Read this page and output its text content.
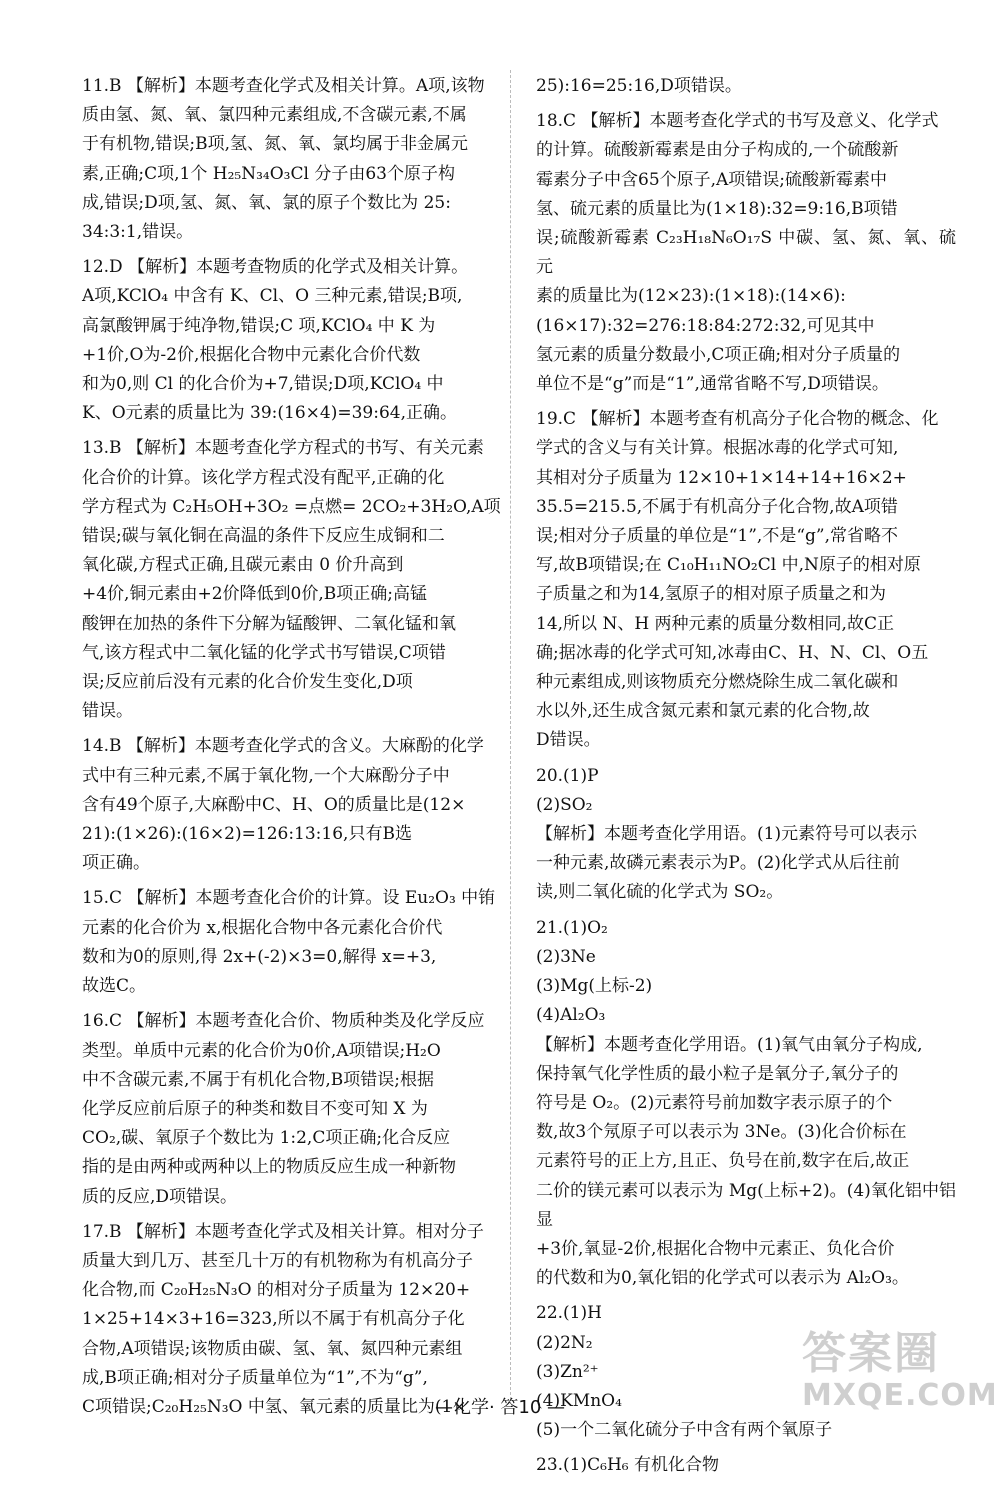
11.B 【解析】本题考查化学式及相关计算。A项,该物
质由氢、氮、氧、氯四种元素组成,不含碳元素,不属
于有机物,错误;B项,氢、氮、氧、氯均属于非金属元
素,正确;C项,1个 H₂₅N₃₄O₃Cl 分子由63个原子构
成,错误;D项,氢、氮、氧、氯的原子个数比为 25:
34:3:1,错误。
12.D 【解析】本题考查物质的化学式及相关计算。
A项,KClO₄ 中含有 K、Cl、O 三种元素,错误;B项,
高氯酸钾属于纯净物,错误;C 项,KClO₄ 中 K 为
+1价,O为-2价,根据化合物中元素化合价代数
和为0,则 Cl 的化合价为+7,错误;D项,KClO₄ 中
K、O元素的质量比为 39:(16×4)=39:64,正确。
13.B 【解析】本题考查化学方程式的书写、有关元素
化合价的计算。该化学方程式没有配平,正确的化
学方程式为 C₂H₅OH+3O₂ =点燃= 2CO₂+3H₂O,A项
错误;碳与氧化铜在高温的条件下反应生成铜和二
氧化碳,方程式正确,且碳元素由 0 价升高到
+4价,铜元素由+2价降低到0价,B项正确;高锰
酸钾在加热的条件下分解为锰酸钾、二氧化锰和氧
气,该方程式中二氧化锰的化学式书写错误,C项错
误;反应前后没有元素的化合价发生变化,D项
错误。
14.B 【解析】本题考查化学式的含义。大麻酚的化学
式中有三种元素,不属于氧化物,一个大麻酚分子中
含有49个原子,大麻酚中C、H、O的质量比是(12×
21):(1×26):(16×2)=126:13:16,只有B选
项正确。
15.C 【解析】本题考查化合价的计算。设 Eu₂O₃ 中铕
元素的化合价为 x,根据化合物中各元素化合价代
数和为0的原则,得 2x+(-2)×3=0,解得 x=+3,
故选C。
16.C 【解析】本题考查化合价、物质种类及化学反应
类型。单质中元素的化合价为0价,A项错误;H₂O
中不含碳元素,不属于有机化合物,B项错误;根据
化学反应前后原子的种类和数目不变可知 X 为
CO₂,碳、氧原子个数比为 1:2,C项正确;化合反应
指的是由两种或两种以上的物质反应生成一种新物
质的反应,D项错误。
17.B 【解析】本题考查化学式及相关计算。相对分子
质量大到几万、甚至几十万的有机物称为有机高分子
化合物,而 C₂₀H₂₅N₃O 的相对分子质量为 12×20+
1×25+14×3+16=323,所以不属于有机高分子化
合物,A项错误;该物质由碳、氢、氧、氮四种元素组
成,B项正确;相对分子质量单位为“1”,不为“g”,
C项错误;C₂₀H₂₅N₃O 中氢、氧元素的质量比为(1×
25):16=25:16,D项错误。
18.C 【解析】本题考查化学式的书写及意义、化学式
的计算。硫酸新霉素是由分子构成的,一个硫酸新
霉素分子中含65个原子,A项错误;硫酸新霉素中
氢、硫元素的质量比为(1×18):32=9:16,B项错
误;硫酸新霉素 C₂₃H₁₈N₆O₁₇S 中碳、氢、氮、氧、硫元
素的质量比为(12×23):(1×18):(14×6):
(16×17):32=276:18:84:272:32,可见其中
氢元素的质量分数最小,C项正确;相对分子质量的
单位不是“g”而是“1”,通常省略不写,D项错误。
19.C 【解析】本题考查有机高分子化合物的概念、化
学式的含义与有关计算。根据冰毒的化学式可知,
其相对分子质量为 12×10+1×14+14+16×2+
35.5=215.5,不属于有机高分子化合物,故A项错
误;相对分子质量的单位是“1”,不是“g”,常省略不
写,故B项错误;在 C₁₀H₁₁NO₂Cl 中,N原子的相对原
子质量之和为14,氢原子的相对原子质量之和为
14,所以 N、H 两种元素的质量分数相同,故C正
确;据冰毒的化学式可知,冰毒由C、H、N、Cl、O五
种元素组成,则该物质充分燃烧除生成二氧化碳和
水以外,还生成含氮元素和氯元素的化合物,故
D错误。
20.(1)P
(2)SO₂
【解析】本题考查化学用语。(1)元素符号可以表示
一种元素,故磷元素表示为P。(2)化学式从后往前
读,则二氧化硫的化学式为 SO₂。
21.(1)O₂
(2)3Ne
(3)Mg(上标-2)
(4)Al₂O₃
【解析】本题考查化学用语。(1)氧气由氧分子构成,
保持氧气化学性质的最小粒子是氧分子,氧分子的
符号是 O₂。(2)元素符号前加数字表示原子的个
数,故3个氖原子可以表示为 3Ne。(3)化合价标在
元素符号的正上方,且正、负号在前,数字在后,故正
二价的镁元素可以表示为 Mg(上标+2)。(4)氧化铝中铝显
+3价,氧显-2价,根据化合物中元素正、负化合价
的代数和为0,氧化铝的化学式可以表示为 Al₂O₃。
22.(1)H
(2)2N₂
(3)Zn²⁺
(4)KMnO₄
(5)一个二氧化硫分子中含有两个氧原子
23.(1)C₆H₆ 有机化合物
—化学· 答10 —
答案圈
MXQE.COM
